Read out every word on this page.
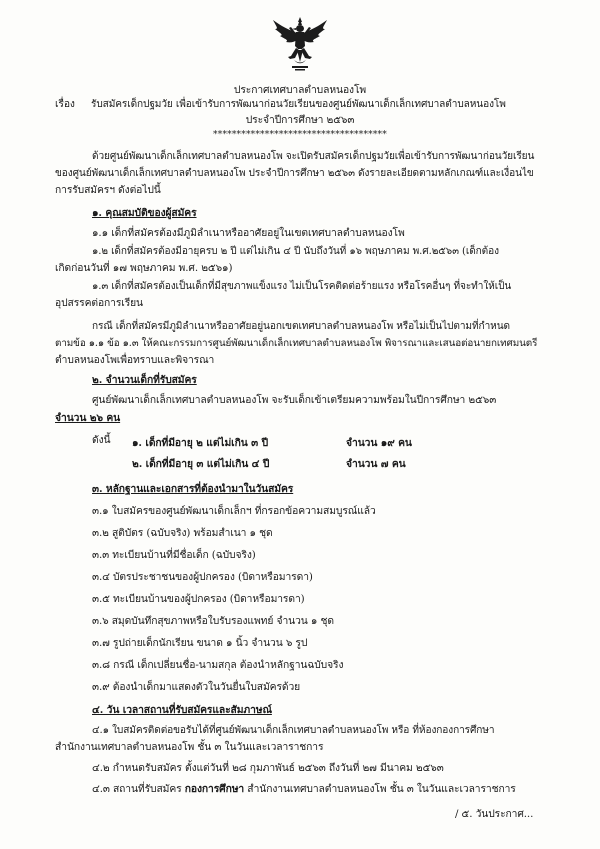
ประกาศเทศบาลตำบลหนองโพ
เรื่อง รับสมัครเด็กปฐมวัย เพื่อเข้ารับการพัฒนาก่อนวัยเรียนของศูนย์พัฒนาเด็กเล็กเทศบาลตำบลหนองโพ
ประจำปีการศึกษา ๒๕๖๓
*************************************
ด้วยศูนย์พัฒนาเด็กเล็กเทศบาลตำบลหนองโพ จะเปิดรับสมัครเด็กปฐมวัยเพื่อเข้ารับการพัฒนาก่อนวัยเรียน
ของศูนย์พัฒนาเด็กเล็กเทศบาลตำบลหนองโพ ประจำปีการศึกษา ๒๕๖๓ ดังรายละเอียดตามหลักเกณฑ์และเงื่อนไข
การรับสมัครฯ ดังต่อไปนี้
๑. คุณสมบัติของผู้สมัคร
๑.๑ เด็กที่สมัครต้องมีภูมิลำเนาหรืออาศัยอยู่ในเขตเทศบาลตำบลหนองโพ
๑.๒ เด็กที่สมัครต้องมีอายุครบ ๒ ปี แต่ไม่เกิน ๔ ปี นับถึงวันที่ ๑๖ พฤษภาคม พ.ศ.๒๕๖๓ (เด็กต้อง
เกิดก่อนวันที่ ๑๗ พฤษภาคม พ.ศ. ๒๕๖๑)
๑.๓ เด็กที่สมัครต้องเป็นเด็กที่มีสุขภาพแข็งแรง ไม่เป็นโรคติดต่อร้ายแรง หรือโรคอื่นๆ ที่จะทำให้เป็น
อุปสรรคต่อการเรียน
กรณี เด็กที่สมัครมีภูมิลำเนาหรืออาศัยอยู่นอกเขตเทศบาลตำบลหนองโพ หรือไม่เป็นไปตามที่กำหนด
ตามข้อ ๑.๑ ข้อ ๑.๓ ให้คณะกรรมการศูนย์พัฒนาเด็กเล็กเทศบาลตำบลหนองโพ พิจารณาและเสนอต่อนายกเทศมนตรี
ตำบลหนองโพเพื่อทราบและพิจารณา
๒. จำนวนเด็กที่รับสมัคร
ศูนย์พัฒนาเด็กเล็กเทศบาลตำบลหนองโพ จะรับเด็กเข้าเตรียมความพร้อมในปีการศึกษา ๒๕๖๓
จำนวน ๒๖ คน
ดังนี้ ๑. เด็กที่มีอายุ ๒ แต่ไม่เกิน ๓ ปี	จำนวน ๑๙ คน
๒. เด็กที่มีอายุ ๓ แต่ไม่เกิน ๔ ปี	จำนวน ๗ คน
๓. หลักฐานและเอกสารที่ต้องนำมาในวันสมัคร
๓.๑ ใบสมัครของศูนย์พัฒนาเด็กเล็กฯ ที่กรอกข้อความสมบูรณ์แล้ว
๓.๒ สูติบัตร (ฉบับจริง) พร้อมสำเนา ๑ ชุด
๓.๓ ทะเบียนบ้านที่มีชื่อเด็ก (ฉบับจริง)
๓.๔ บัตรประชาชนของผู้ปกครอง (บิดาหรือมารดา)
๓.๕ ทะเบียนบ้านของผู้ปกครอง (บิดาหรือมารดา)
๓.๖ สมุดบันทึกสุขภาพหรือใบรับรองแพทย์ จำนวน ๑ ชุด
๓.๗ รูปถ่ายเด็กนักเรียน ขนาด ๑ นิ้ว จำนวน ๖ รูป
๓.๘ กรณี เด็กเปลี่ยนชื่อ-นามสกุล ต้องนำหลักฐานฉบับจริง
๓.๙ ต้องนำเด็กมาแสดงตัวในวันยื่นใบสมัครด้วย
๔. วัน เวลาสถานที่รับสมัครและสัมภาษณ์
๔.๑ ใบสมัครติดต่อขอรับได้ที่ศูนย์พัฒนาเด็กเล็กเทศบาลตำบลหนองโพ หรือ ที่ห้องกองการศึกษา
สำนักงานเทศบาลตำบลหนองโพ ชั้น ๓ ในวันและเวลาราชการ
๔.๒ กำหนดรับสมัคร ตั้งแต่วันที่ ๒๘ กุมภาพันธ์ ๒๕๖๓ ถึงวันที่ ๒๗ มีนาคม ๒๕๖๓
๔.๓ สถานที่รับสมัคร กองการศึกษา สำนักงานเทศบาลตำบลหนองโพ ชั้น ๓ ในวันและเวลาราชการ
/ ๕. วันประกาศ...
